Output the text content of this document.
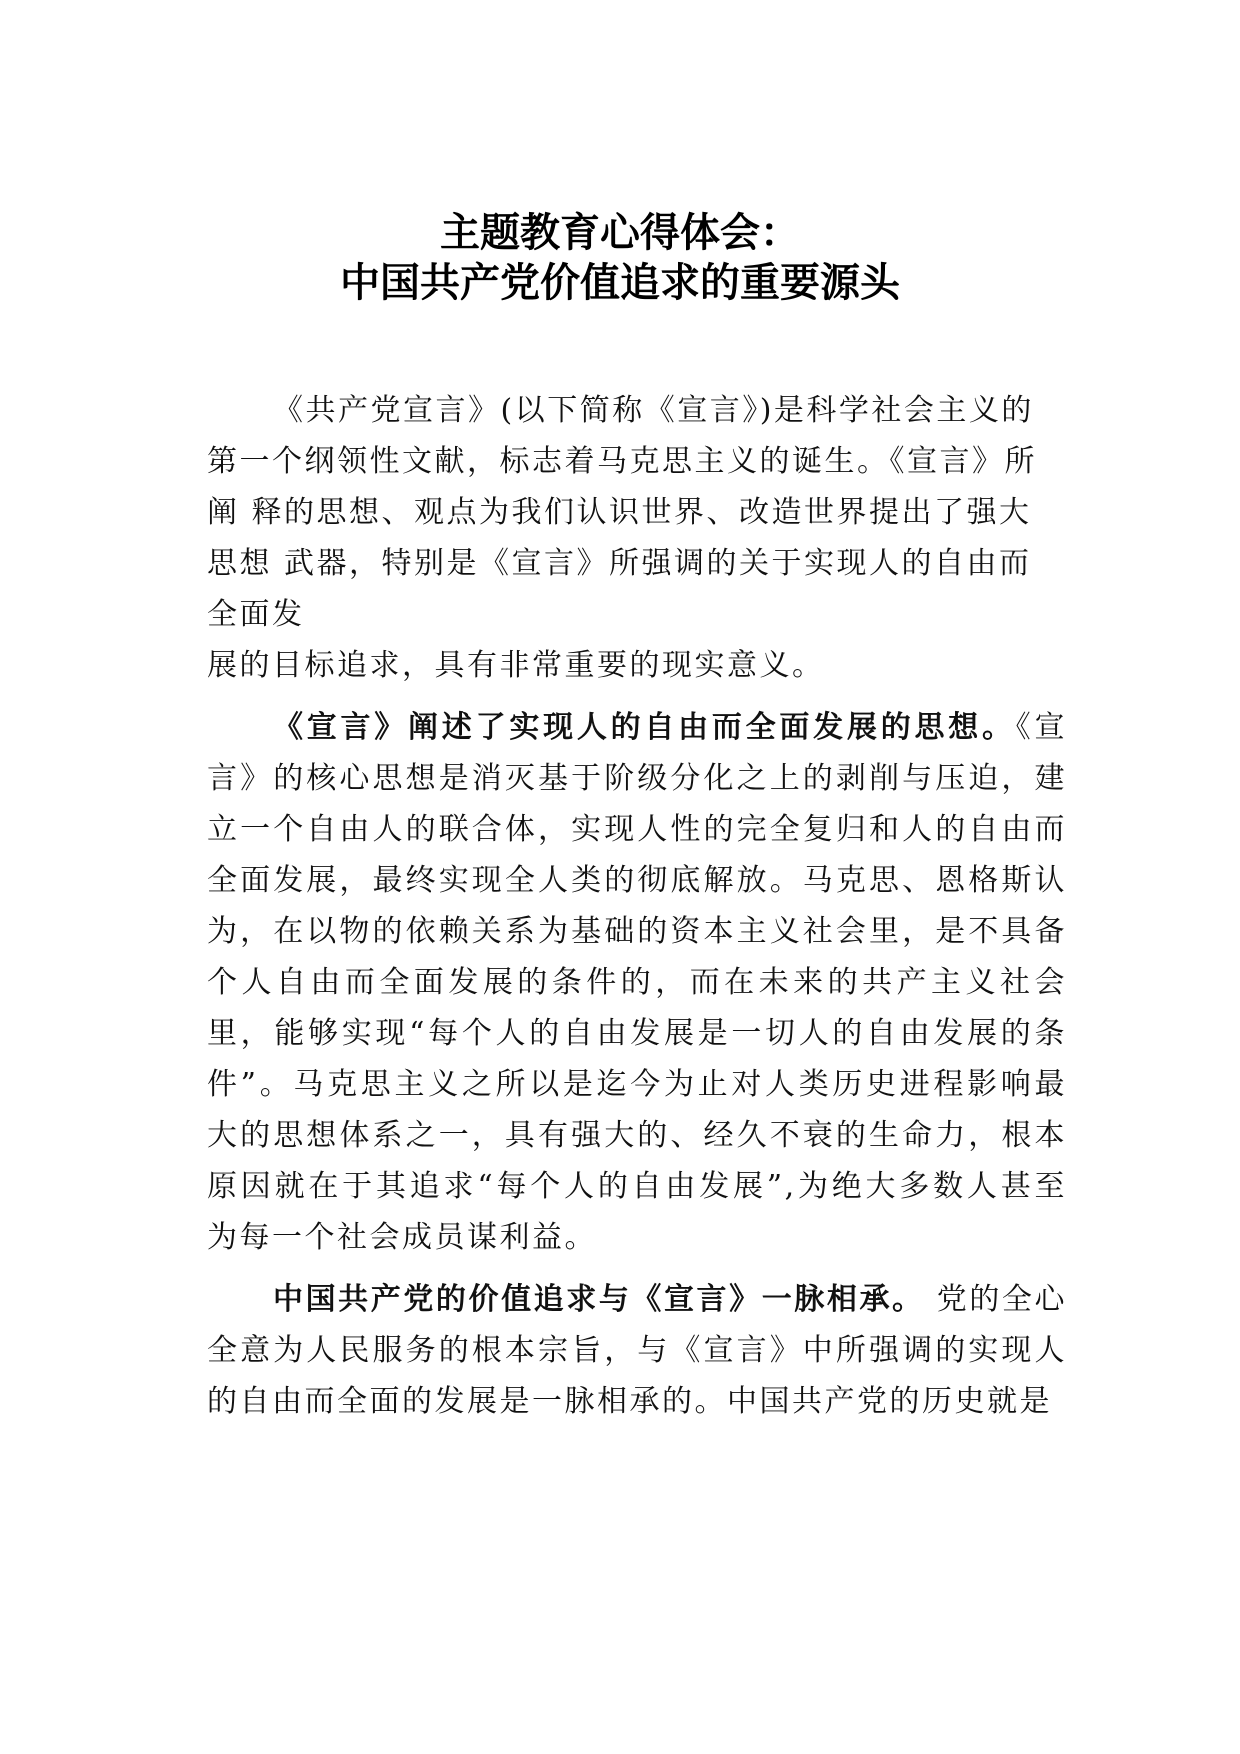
主题教育心得体会：
中国共产党价值追求的重要源头
《共产党宣言》(以下简称《宣言》)是科学社会主义的
第一个纲领性文献，标志着马克思主义的诞生。《宣言》所
阐 释的思想、观点为我们认识世界、改造世界提出了强大
思想 武器，特别是《宣言》所强调的关于实现人的自由而
全面发
展的目标追求，具有非常重要的现实意义。

《宣言》阐述了实现人的自由而全面发展的思想。《宣言》的核心思想是消灭基于阶级分化之上的剥削与压迫，建立一个自由人的联合体，实现人性的完全复归和人的自由而全面发展，最终实现全人类的彻底解放。马克思、恩格斯认为，在以物的依赖关系为基础的资本主义社会里，是不具备个人自由而全面发展的条件的，而在未来的共产主义社会里，能够实现“每个人的自由发展是一切人的自由发展的条件”。马克思主义之所以是迄今为止对人类历史进程影响最大的思想体系之一，具有强大的、经久不衰的生命力，根本原因就在于其追求“每个人的自由发展”,为绝大多数人甚至为每一个社会成员谋利益。

中国共产党的价值追求与《宣言》一脉相承。 党的全心全意为人民服务的根本宗旨，与《宣言》中所强调的实现人的自由而全面的发展是一脉相承的。中国共产党的历史就是
